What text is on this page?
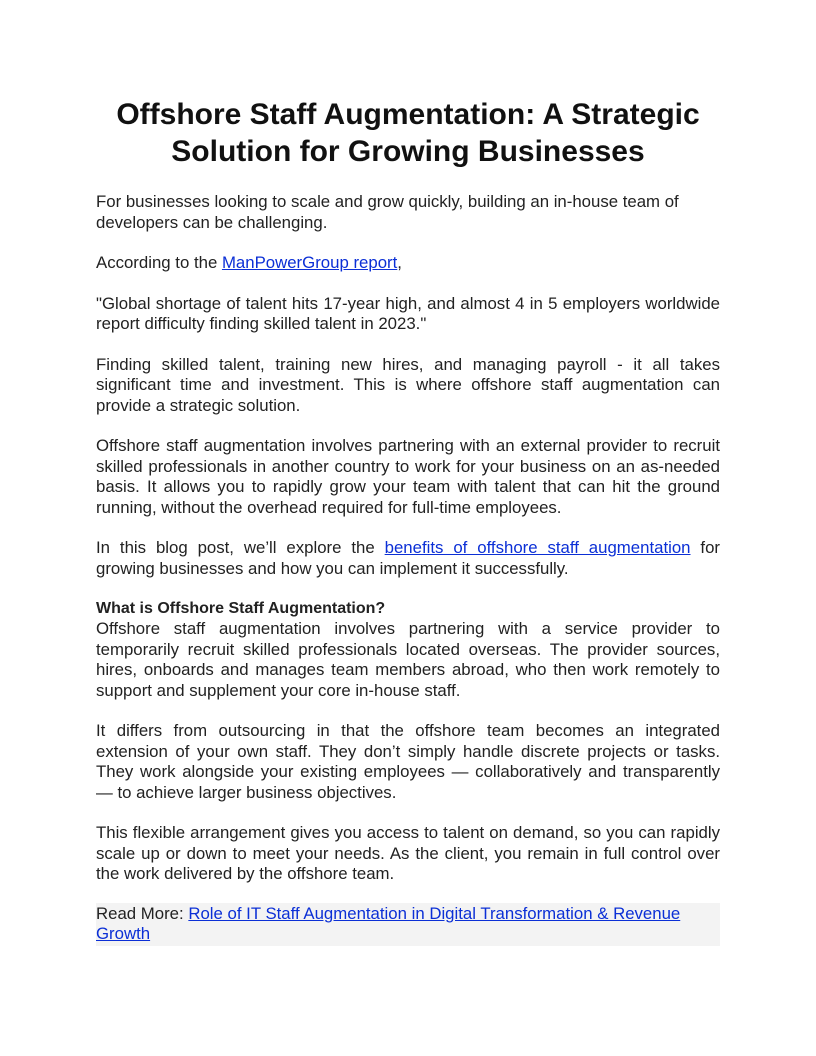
Offshore Staff Augmentation: A Strategic Solution for Growing Businesses

For businesses looking to scale and grow quickly, building an in-house team of developers can be challenging.

According to the ManPowerGroup report,

"Global shortage of talent hits 17-year high, and almost 4 in 5 employers worldwide report difficulty finding skilled talent in 2023."

Finding skilled talent, training new hires, and managing payroll - it all takes significant time and investment. This is where offshore staff augmentation can provide a strategic solution.

Offshore staff augmentation involves partnering with an external provider to recruit skilled professionals in another country to work for your business on an as-needed basis. It allows you to rapidly grow your team with talent that can hit the ground running, without the overhead required for full-time employees.

In this blog post, we’ll explore the benefits of offshore staff augmentation for growing businesses and how you can implement it successfully.

What is Offshore Staff Augmentation?

Offshore staff augmentation involves partnering with a service provider to temporarily recruit skilled professionals located overseas. The provider sources, hires, onboards and manages team members abroad, who then work remotely to support and supplement your core in-house staff.

It differs from outsourcing in that the offshore team becomes an integrated extension of your own staff. They don’t simply handle discrete projects or tasks. They work alongside your existing employees — collaboratively and transparently — to achieve larger business objectives.

This flexible arrangement gives you access to talent on demand, so you can rapidly scale up or down to meet your needs. As the client, you remain in full control over the work delivered by the offshore team.

Read More: Role of IT Staff Augmentation in Digital Transformation & Revenue Growth
